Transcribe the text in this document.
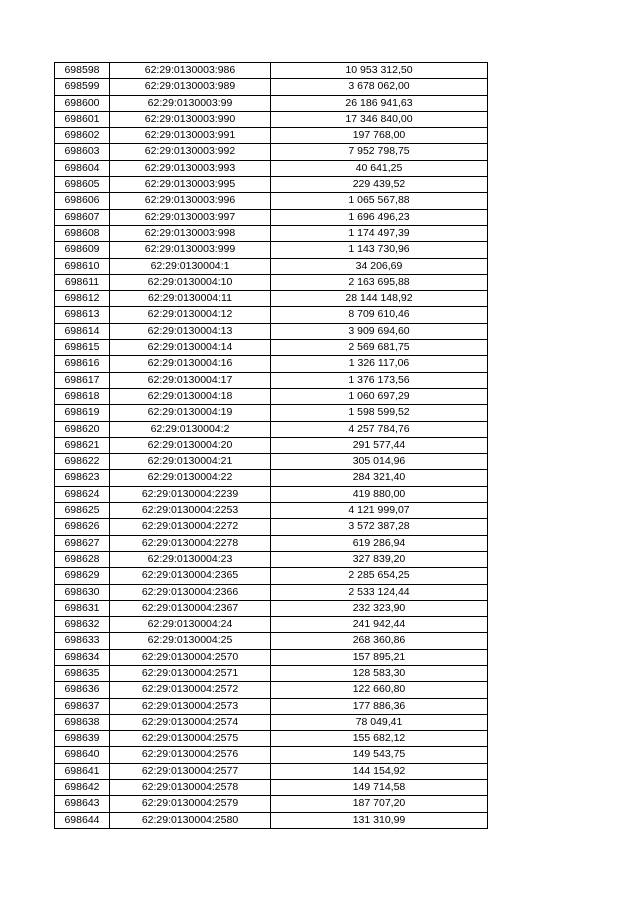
698598	62:29:0130003:986	10 953 312,50
698599	62:29:0130003:989	3 678 062,00
698600	62:29:0130003:99	26 186 941,63
698601	62:29:0130003:990	17 346 840,00
698602	62:29:0130003:991	197 768,00
698603	62:29:0130003:992	7 952 798,75
698604	62:29:0130003:993	40 641,25
698605	62:29:0130003:995	229 439,52
698606	62:29:0130003:996	1 065 567,88
698607	62:29:0130003:997	1 696 496,23
698608	62:29:0130003:998	1 174 497,39
698609	62:29:0130003:999	1 143 730,96
698610	62:29:0130004:1	34 206,69
698611	62:29:0130004:10	2 163 695,88
698612	62:29:0130004:11	28 144 148,92
698613	62:29:0130004:12	8 709 610,46
698614	62:29:0130004:13	3 909 694,60
698615	62:29:0130004:14	2 569 681,75
698616	62:29:0130004:16	1 326 117,06
698617	62:29:0130004:17	1 376 173,56
698618	62:29:0130004:18	1 060 697,29
698619	62:29:0130004:19	1 598 599,52
698620	62:29:0130004:2	4 257 784,76
698621	62:29:0130004:20	291 577,44
698622	62:29:0130004:21	305 014,96
698623	62:29:0130004:22	284 321,40
698624	62:29:0130004:2239	419 880,00
698625	62:29:0130004:2253	4 121 999,07
698626	62:29:0130004:2272	3 572 387,28
698627	62:29:0130004:2278	619 286,94
698628	62:29:0130004:23	327 839,20
698629	62:29:0130004:2365	2 285 654,25
698630	62:29:0130004:2366	2 533 124,44
698631	62:29:0130004:2367	232 323,90
698632	62:29:0130004:24	241 942,44
698633	62:29:0130004:25	268 360,86
698634	62:29:0130004:2570	157 895,21
698635	62:29:0130004:2571	128 583,30
698636	62:29:0130004:2572	122 660,80
698637	62:29:0130004:2573	177 886,36
698638	62:29:0130004:2574	78 049,41
698639	62:29:0130004:2575	155 682,12
698640	62:29:0130004:2576	149 543,75
698641	62:29:0130004:2577	144 154,92
698642	62:29:0130004:2578	149 714,58
698643	62:29:0130004:2579	187 707,20
698644	62:29:0130004:2580	131 310,99
